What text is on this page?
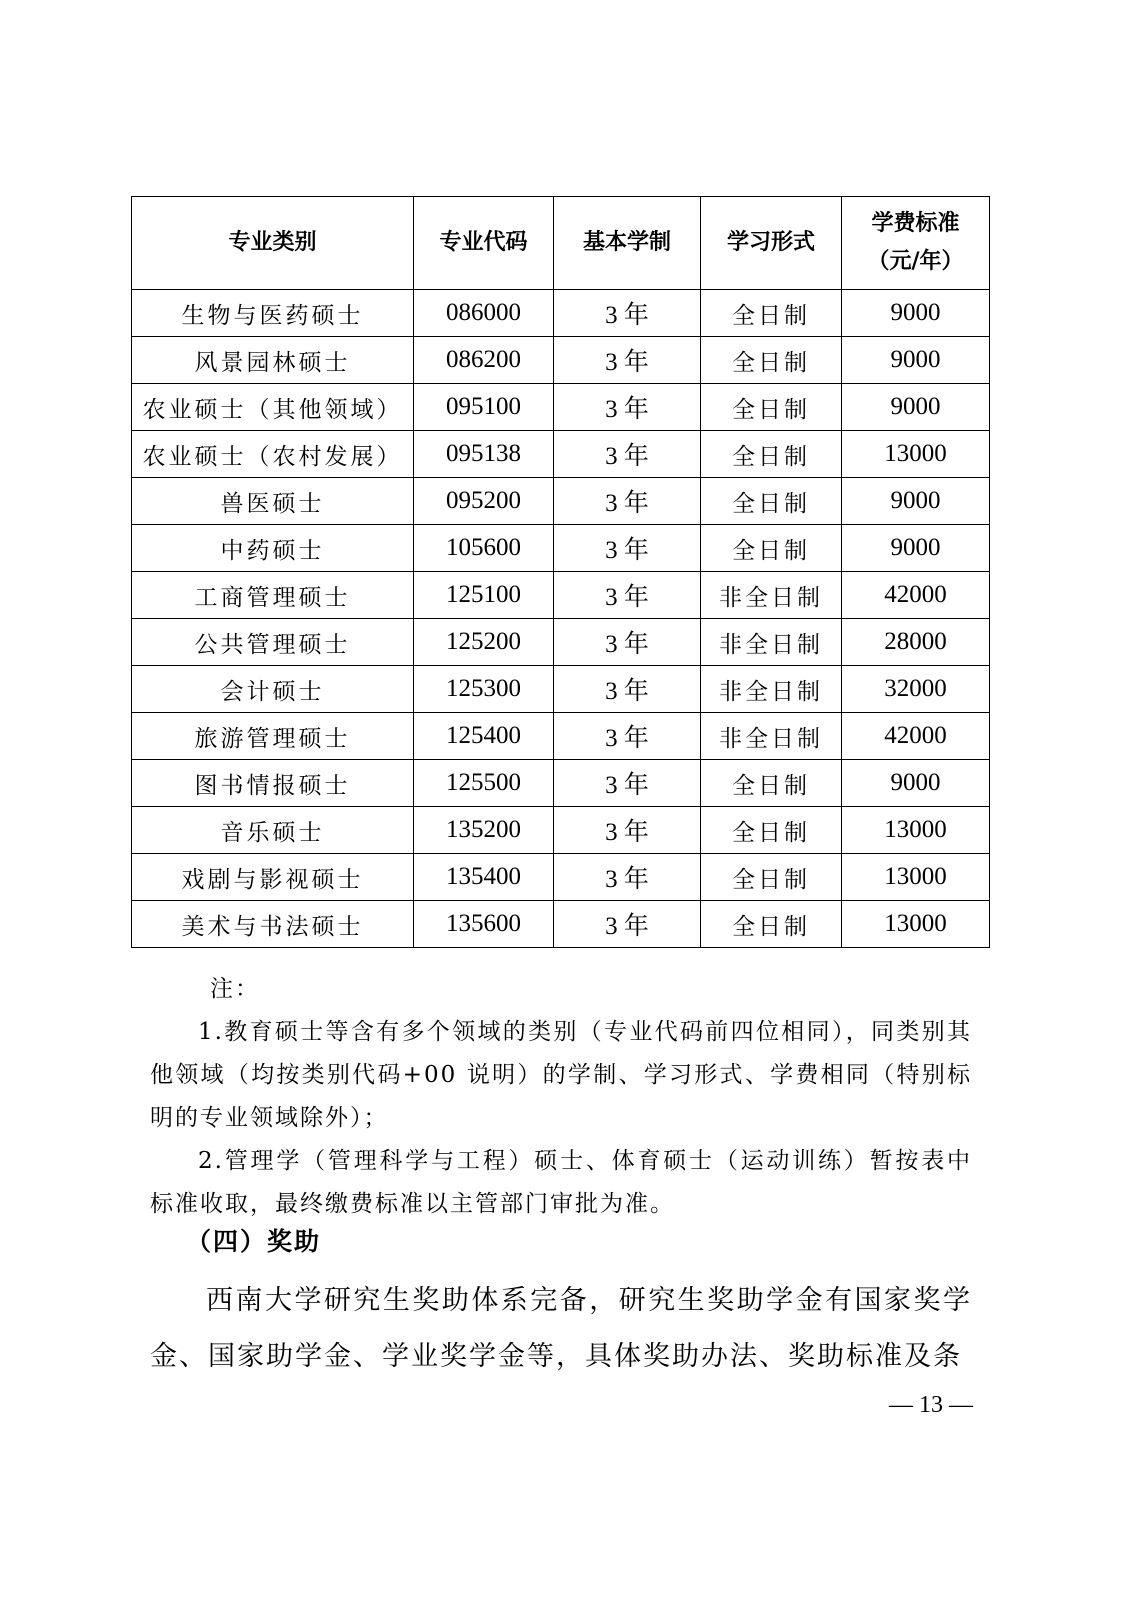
专业类别	专业代码	基本学制	学习形式	学费标准
（元/年）

生物与医药硕士	086000	3 年	全日制	9000
风景园林硕士	086200	3 年	全日制	9000
农业硕士（其他领域）	095100	3 年	全日制	9000
农业硕士（农村发展）	095138	3 年	全日制	13000
兽医硕士	095200	3 年	全日制	9000
中药硕士	105600	3 年	全日制	9000
工商管理硕士	125100	3 年	非全日制	42000
公共管理硕士	125200	3 年	非全日制	28000
会计硕士	125300	3 年	非全日制	32000
旅游管理硕士	125400	3 年	非全日制	42000
图书情报硕士	125500	3 年	全日制	9000
音乐硕士	135200	3 年	全日制	13000
戏剧与影视硕士	135400	3 年	全日制	13000
美术与书法硕士	135600	3 年	全日制	13000

注：

1.教育硕士等含有多个领域的类别（专业代码前四位相同），同类别其他领域（均按类别代码+00 说明）的学制、学习形式、学费相同（特别标明的专业领域除外）；

2.管理学（管理科学与工程）硕士、体育硕士（运动训练）暂按表中标准收取，最终缴费标准以主管部门审批为准。

（四）奖助

西南大学研究生奖助体系完备，研究生奖助学金有国家奖学金、国家助学金、学业奖学金等，具体奖助办法、奖助标准及条

— 13 —
